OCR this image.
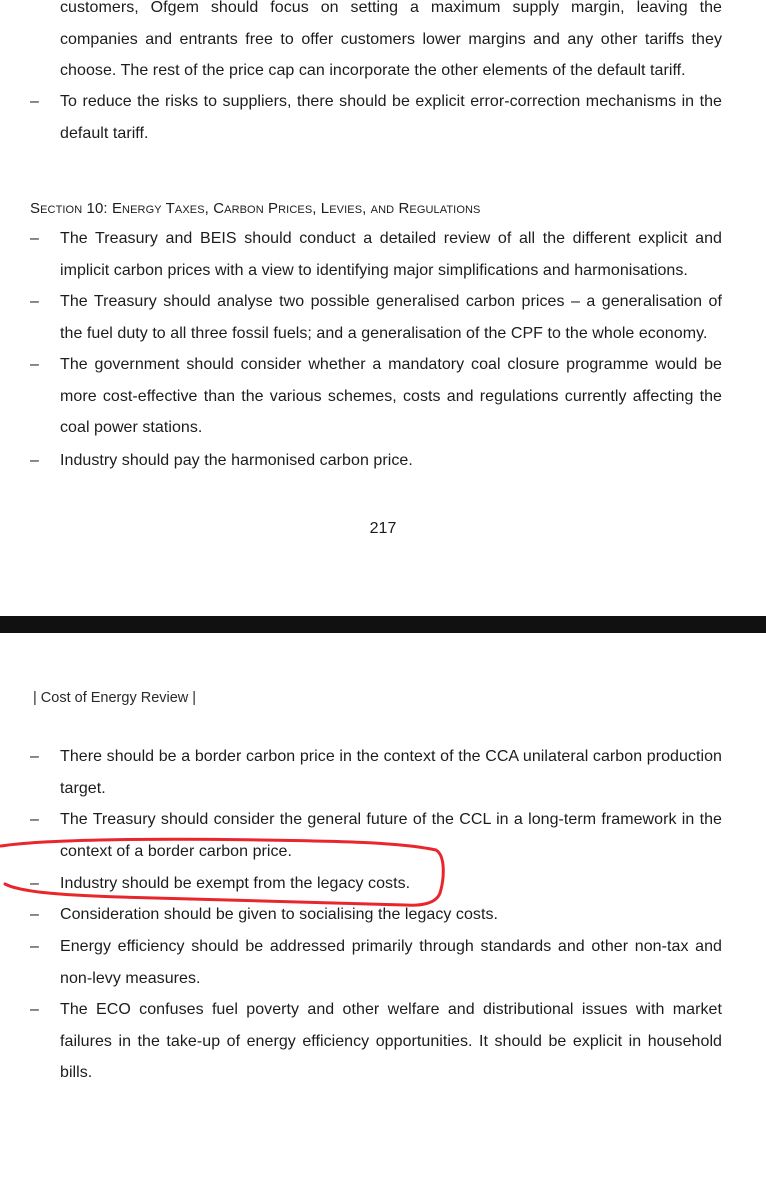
customers, Ofgem should focus on setting a maximum supply margin, leaving the companies and entrants free to offer customers lower margins and any other tariffs they choose. The rest of the price cap can incorporate the other elements of the default tariff.
– To reduce the risks to suppliers, there should be explicit error-correction mechanisms in the default tariff.
Section 10: Energy Taxes, Carbon Prices, Levies, and Regulations
– The Treasury and BEIS should conduct a detailed review of all the different explicit and implicit carbon prices with a view to identifying major simplifications and harmonisations.
– The Treasury should analyse two possible generalised carbon prices – a generalisation of the fuel duty to all three fossil fuels; and a generalisation of the CPF to the whole economy.
– The government should consider whether a mandatory coal closure programme would be more cost-effective than the various schemes, costs and regulations currently affecting the coal power stations.
– Industry should pay the harmonised carbon price.
217
| Cost of Energy Review |
– There should be a border carbon price in the context of the CCA unilateral carbon production target.
– The Treasury should consider the general future of the CCL in a long-term framework in the context of a border carbon price.
– Industry should be exempt from the legacy costs.
– Consideration should be given to socialising the legacy costs.
– Energy efficiency should be addressed primarily through standards and other non-tax and non-levy measures.
– The ECO confuses fuel poverty and other welfare and distributional issues with market failures in the take-up of energy efficiency opportunities. It should be explicit in household bills.
